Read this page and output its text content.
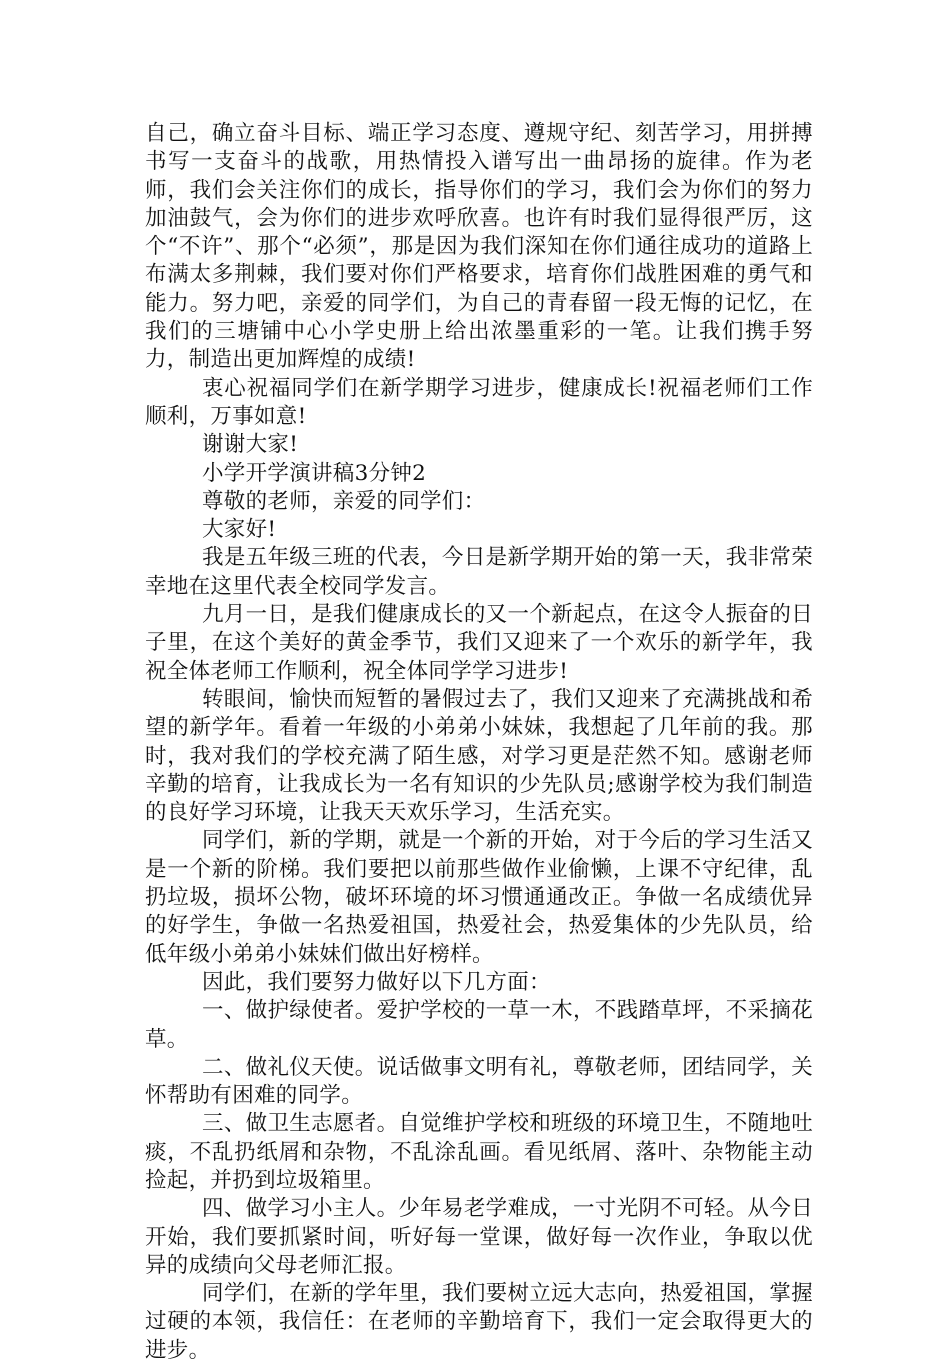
自己，确立奋斗目标、端正学习态度、遵规守纪、刻苦学习，用拼搏书写一支奋斗的战歌，用热情投入谱写出一曲昂扬的旋律。作为老师，我们会关注你们的成长，指导你们的学习，我们会为你们的努力加油鼓气，会为你们的进步欢呼欣喜。也许有时我们显得很严厉，这个“不许”、那个“必须”，那是因为我们深知在你们通往成功的道路上布满太多荆棘，我们要对你们严格要求，培育你们战胜困难的勇气和能力。努力吧，亲爱的同学们，为自己的青春留一段无悔的记忆，在我们的三塘铺中心小学史册上给出浓墨重彩的一笔。让我们携手努力，制造出更加辉煌的成绩!

衷心祝福同学们在新学期学习进步，健康成长!祝福老师们工作顺利，万事如意!

谢谢大家!

小学开学演讲稿3分钟2

尊敬的老师，亲爱的同学们：

大家好!

我是五年级三班的代表，今日是新学期开始的第一天，我非常荣幸地在这里代表全校同学发言。

九月一日，是我们健康成长的又一个新起点，在这令人振奋的日子里，在这个美好的黄金季节，我们又迎来了一个欢乐的新学年，我祝全体老师工作顺利，祝全体同学学习进步!

转眼间，愉快而短暂的暑假过去了，我们又迎来了充满挑战和希望的新学年。看着一年级的小弟弟小妹妹，我想起了几年前的我。那时，我对我们的学校充满了陌生感，对学习更是茫然不知。感谢老师辛勤的培育，让我成长为一名有知识的少先队员;感谢学校为我们制造的良好学习环境，让我天天欢乐学习，生活充实。

同学们，新的学期，就是一个新的开始，对于今后的学习生活又是一个新的阶梯。我们要把以前那些做作业偷懒，上课不守纪律，乱扔垃圾，损坏公物，破坏环境的坏习惯通通改正。争做一名成绩优异的好学生，争做一名热爱祖国，热爱社会，热爱集体的少先队员，给低年级小弟弟小妹妹们做出好榜样。

因此，我们要努力做好以下几方面：

一、做护绿使者。爱护学校的一草一木，不践踏草坪，不采摘花草。

二、做礼仪天使。说话做事文明有礼，尊敬老师，团结同学，关怀帮助有困难的同学。

三、做卫生志愿者。自觉维护学校和班级的环境卫生，不随地吐痰，不乱扔纸屑和杂物，不乱涂乱画。看见纸屑、落叶、杂物能主动捡起，并扔到垃圾箱里。

四、做学习小主人。少年易老学难成，一寸光阴不可轻。从今日开始，我们要抓紧时间，听好每一堂课，做好每一次作业，争取以优异的成绩向父母老师汇报。

同学们，在新的学年里，我们要树立远大志向，热爱祖国，掌握过硬的本领，我信任：在老师的辛勤培育下，我们一定会取得更大的进步。
